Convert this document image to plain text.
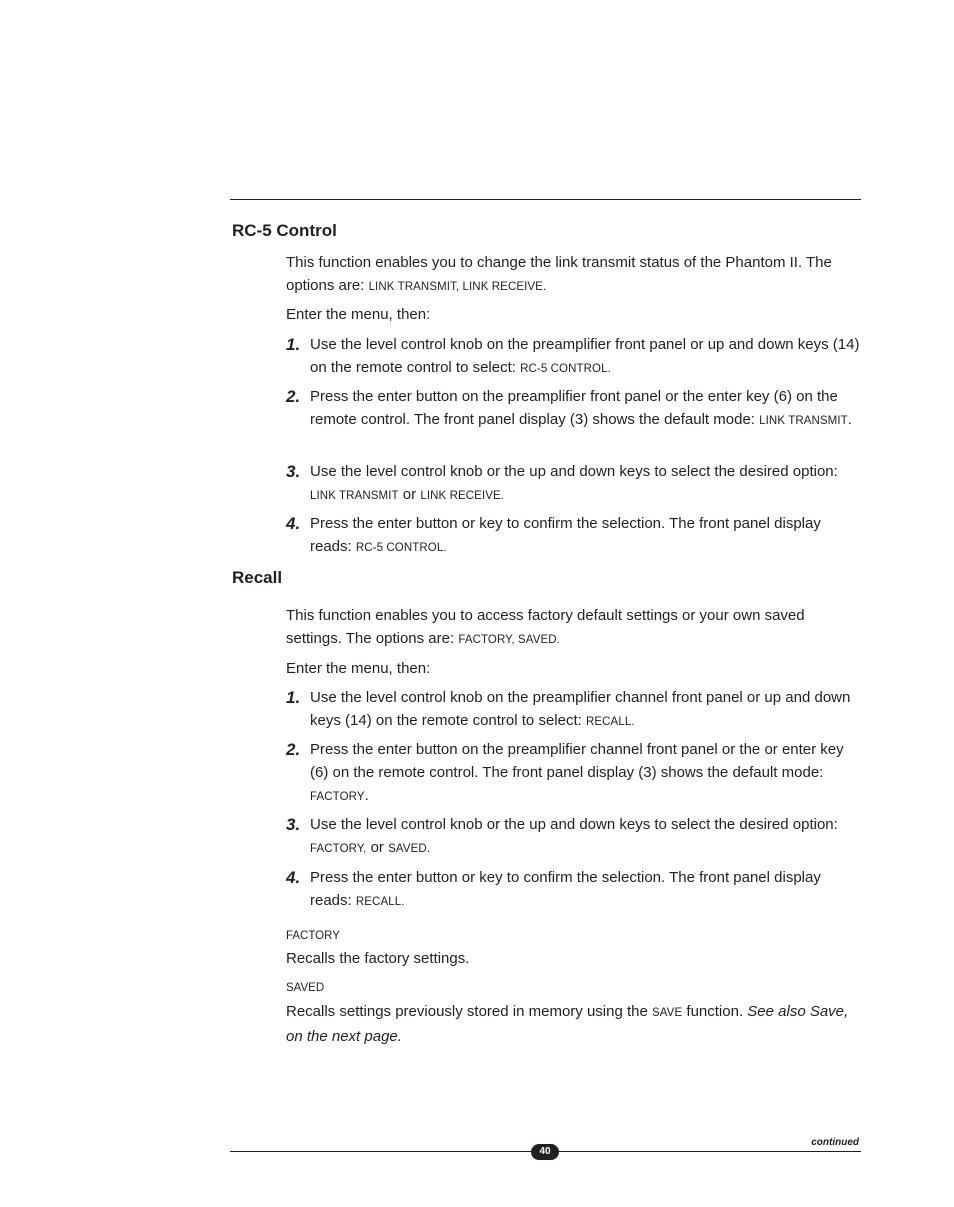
RC-5 Control

This function enables you to change the link transmit status of the Phantom II. The options are: LINK TRANSMIT, LINK RECEIVE.

Enter the menu, then:
1. Use the level control knob on the preamplifier front panel or up and down keys (14) on the remote control to select: RC-5 CONTROL.
2. Press the enter button on the preamplifier front panel or the enter key (6) on the remote control. The front panel display (3) shows the default mode: LINK TRANSMIT.
3. Use the level control knob or the up and down keys to select the desired option: LINK TRANSMIT or LINK RECEIVE.
4. Press the enter button or key to confirm the selection. The front panel display reads: RC-5 CONTROL.
Recall

This function enables you to access factory default settings or your own saved settings. The options are: FACTORY, SAVED.

Enter the menu, then:
1. Use the level control knob on the preamplifier channel front panel or up and down keys (14) on the remote control to select: RECALL.
2. Press the enter button on the preamplifier channel front panel or the or enter key (6) on the remote control. The front panel display (3) shows the default mode: FACTORY.
3. Use the level control knob or the up and down keys to select the desired option: FACTORY, or SAVED.
4. Press the enter button or key to confirm the selection. The front panel display reads: RECALL.
FACTORY
Recalls the factory settings.
SAVED

Recalls settings previously stored in memory using the SAVE function. See also Save, on the next page.

continued
40
